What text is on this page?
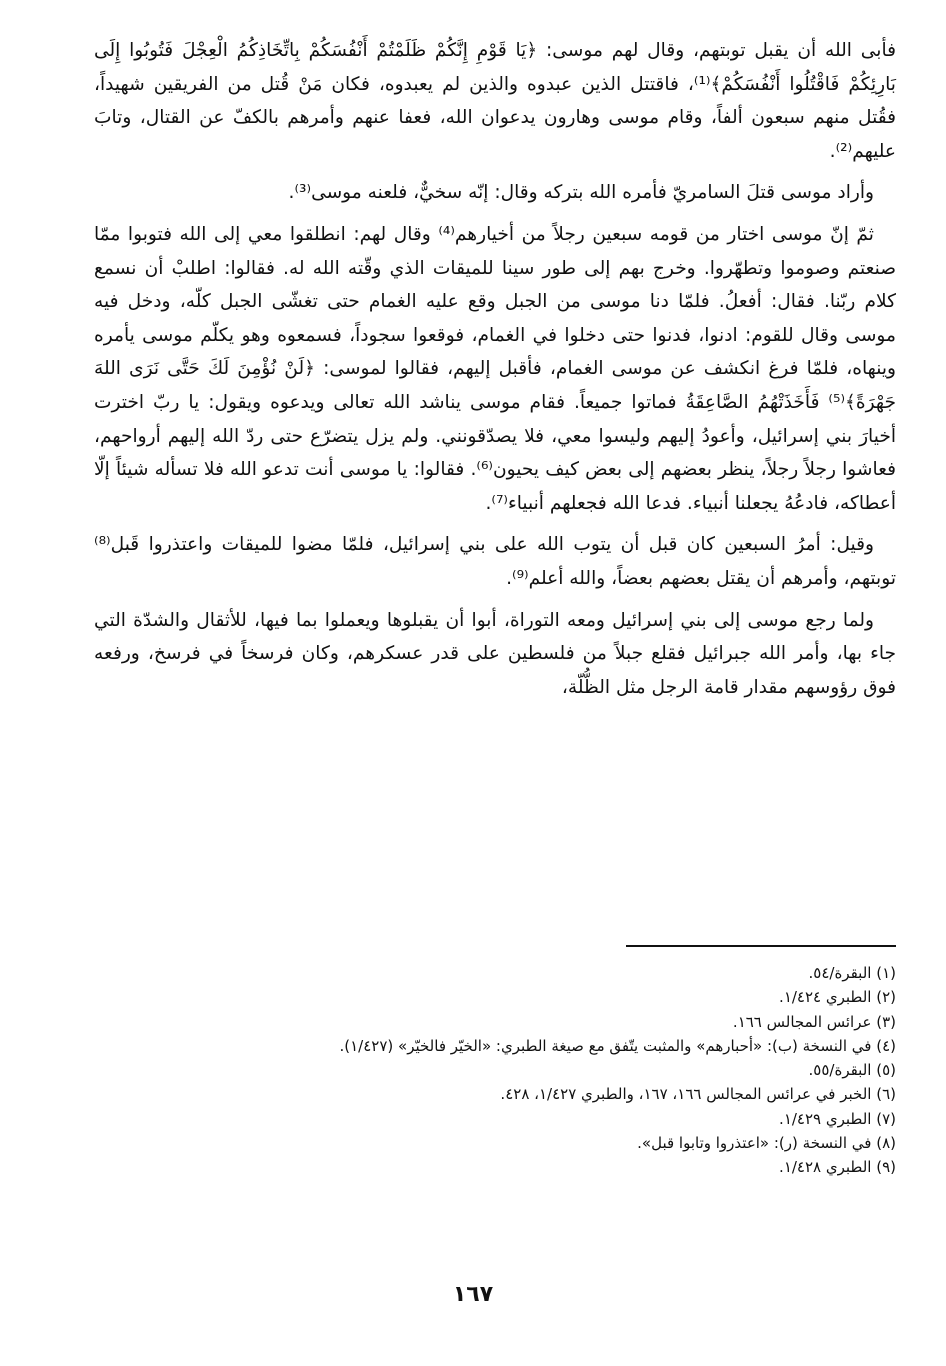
فأبى الله أن يقبل توبتهم، وقال لهم موسى: ﴿يَا قَوْمِ إِنَّكُمْ ظَلَمْتُمْ أَنْفُسَكُمْ بِاتِّخَاذِكُمُ الْعِجْلَ فَتُوبُوا إِلَى بَارِئِكُمْ فَاقْتُلُوا أَنْفُسَكُمْ﴾⁽¹⁾، فاقتتل الذين عبدوه والذين لم يعبدوه، فكان مَنْ قُتل من الفريقين شهيداً، فقُتل منهم سبعون ألفاً، وقام موسى وهارون يدعوان الله، فعفا عنهم وأمرهم بالكفّ عن القتال، وتابَ عليهم⁽²⁾.

وأراد موسى قتلَ السامريّ فأمره الله بتركه وقال: إنّه سخيٌّ، فلعنه موسى⁽³⁾.

ثمّ إنّ موسى اختار من قومه سبعين رجلاً من أخيارهم⁽⁴⁾ وقال لهم: انطلقوا معي إلى الله فتوبوا ممّا صنعتم وصوموا وتطهّروا. وخرج بهم إلى طور سينا للميقات الذي وقّته الله له. فقالوا: اطلبْ أن نسمع كلام ربّنا. فقال: أفعلُ. فلمّا دنا موسى من الجبل وقع عليه الغمام حتى تغشّى الجبل كلّه، ودخل فيه موسى وقال للقوم: ادنوا، فدنوا حتى دخلوا في الغمام، فوقعوا سجوداً، فسمعوه وهو يكلّم موسى يأمره وينهاه، فلمّا فرغ انكشف عن موسى الغمام، فأقبل إليهم، فقالوا لموسى: ﴿لَنْ نُؤْمِنَ لَكَ حَتَّى نَرَى اللهَ جَهْرَةً﴾⁽⁵⁾ فَأَخَذَتْهُمُ الصَّاعِقَةُ فماتوا جميعاً. فقام موسى يناشد الله تعالى ويدعوه ويقول: يا ربّ اخترت أخيارَ بني إسرائيل، وأعودُ إليهم وليسوا معي، فلا يصدّقونني. ولم يزل يتضرّع حتى ردّ الله إليهم أرواحهم، فعاشوا رجلاً رجلاً، ينظر بعضهم إلى بعض كيف يحيون⁽⁶⁾. فقالوا: يا موسى أنت تدعو الله فلا تسأله شيئاً إلّا أعطاكه، فادعُهُ يجعلنا أنبياء. فدعا الله فجعلهم أنبياء⁽⁷⁾.

وقيل: أمرُ السبعين كان قبل أن يتوب الله على بني إسرائيل، فلمّا مضوا للميقات واعتذروا قَبل⁽⁸⁾ توبتهم، وأمرهم أن يقتل بعضهم بعضاً، والله أعلم⁽⁹⁾.

ولما رجع موسى إلى بني إسرائيل ومعه التوراة، أبوا أن يقبلوها ويعملوا بما فيها، للأثقال والشدّة التي جاء بها، وأمر الله جبرائيل فقلع جبلاً من فلسطين على قدر عسكرهم، وكان فرسخاً في فرسخ، ورفعه فوق رؤوسهم مقدار قامة الرجل مثل الظُّلّة،

(١) البقرة/٥٤.
(٢) الطبري ١/٤٢٤.
(٣) عرائس المجالس ١٦٦.
(٤) في النسخة (ب): «أحبارهم» والمثبت يتّفق مع صيغة الطبري: «الخيّر فالخيّر» (١/٤٢٧).
(٥) البقرة/٥٥.
(٦) الخبر في عرائس المجالس ١٦٦، ١٦٧، والطبري ١/٤٢٧، ٤٢٨.
(٧) الطبري ١/٤٢٩.
(٨) في النسخة (ر): «اعتذروا وتابوا قبل».
(٩) الطبري ١/٤٢٨.
١٦٧
